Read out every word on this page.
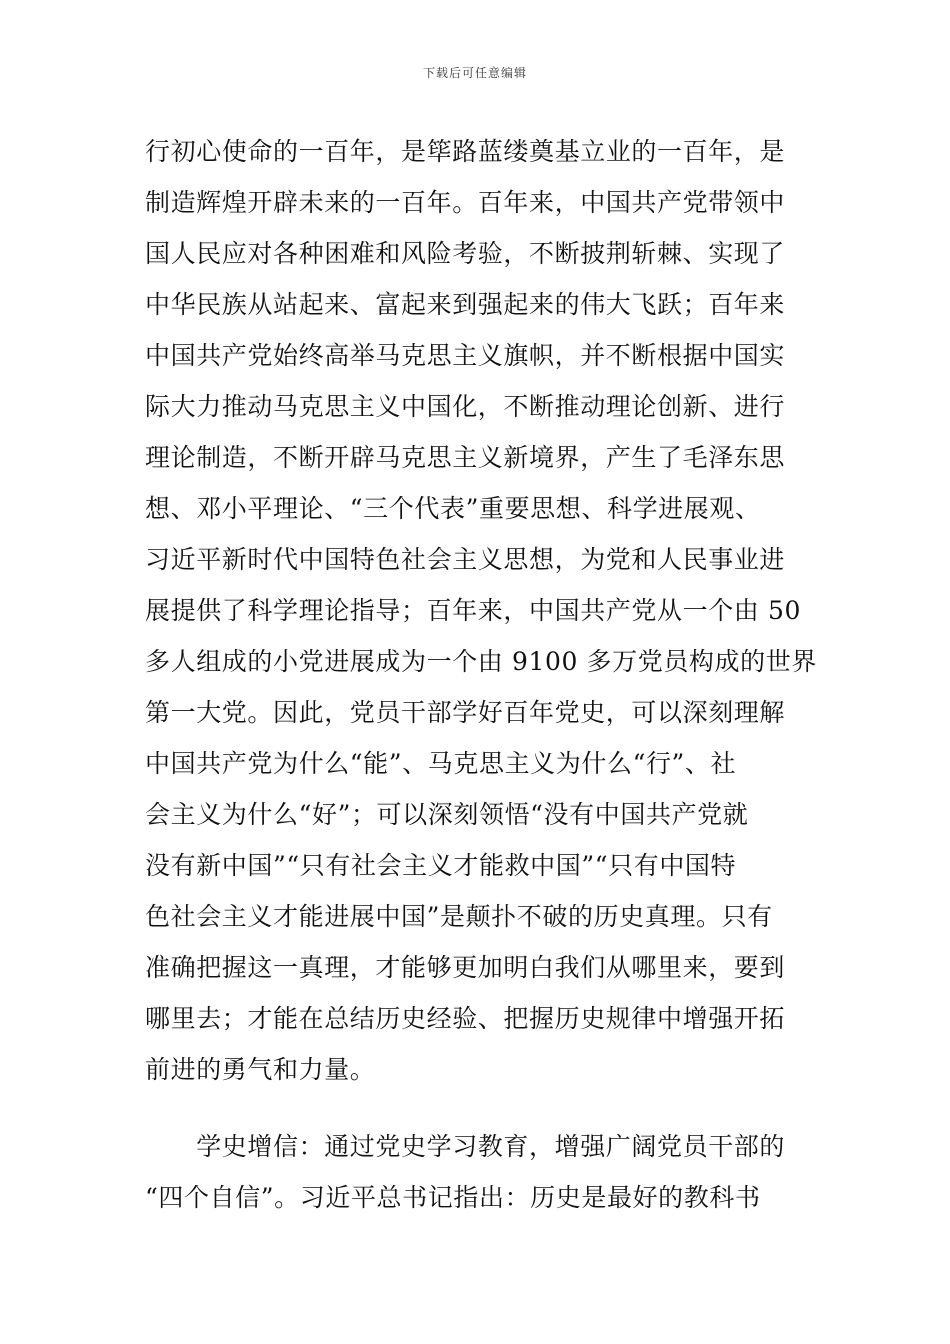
下载后可任意编辑
行初心使命的一百年，是筚路蓝缕奠基立业的一百年，是
制造辉煌开辟未来的一百年。百年来，中国共产党带领中
国人民应对各种困难和风险考验，不断披荆斩棘、实现了
中华民族从站起来、富起来到强起来的伟大飞跃；百年来
中国共产党始终高举马克思主义旗帜，并不断根据中国实
际大力推动马克思主义中国化，不断推动理论创新、进行
理论制造，不断开辟马克思主义新境界，产生了毛泽东思
想、邓小平理论、“三个代表”重要思想、科学进展观、
习近平新时代中国特色社会主义思想，为党和人民事业进
展提供了科学理论指导；百年来，中国共产党从一个由 50
多人组成的小党进展成为一个由 9100 多万党员构成的世界
第一大党。因此，党员干部学好百年党史，可以深刻理解
中国共产党为什么“能”、马克思主义为什么“行”、社
会主义为什么“好”；可以深刻领悟“没有中国共产党就
没有新中国”“只有社会主义才能救中国”“只有中国特
色社会主义才能进展中国”是颠扑不破的历史真理。只有
准确把握这一真理，才能够更加明白我们从哪里来，要到
哪里去；才能在总结历史经验、把握历史规律中增强开拓
前进的勇气和力量。
　　学史增信：通过党史学习教育，增强广阔党员干部的
“四个自信”。习近平总书记指出：历史是最好的教科书
